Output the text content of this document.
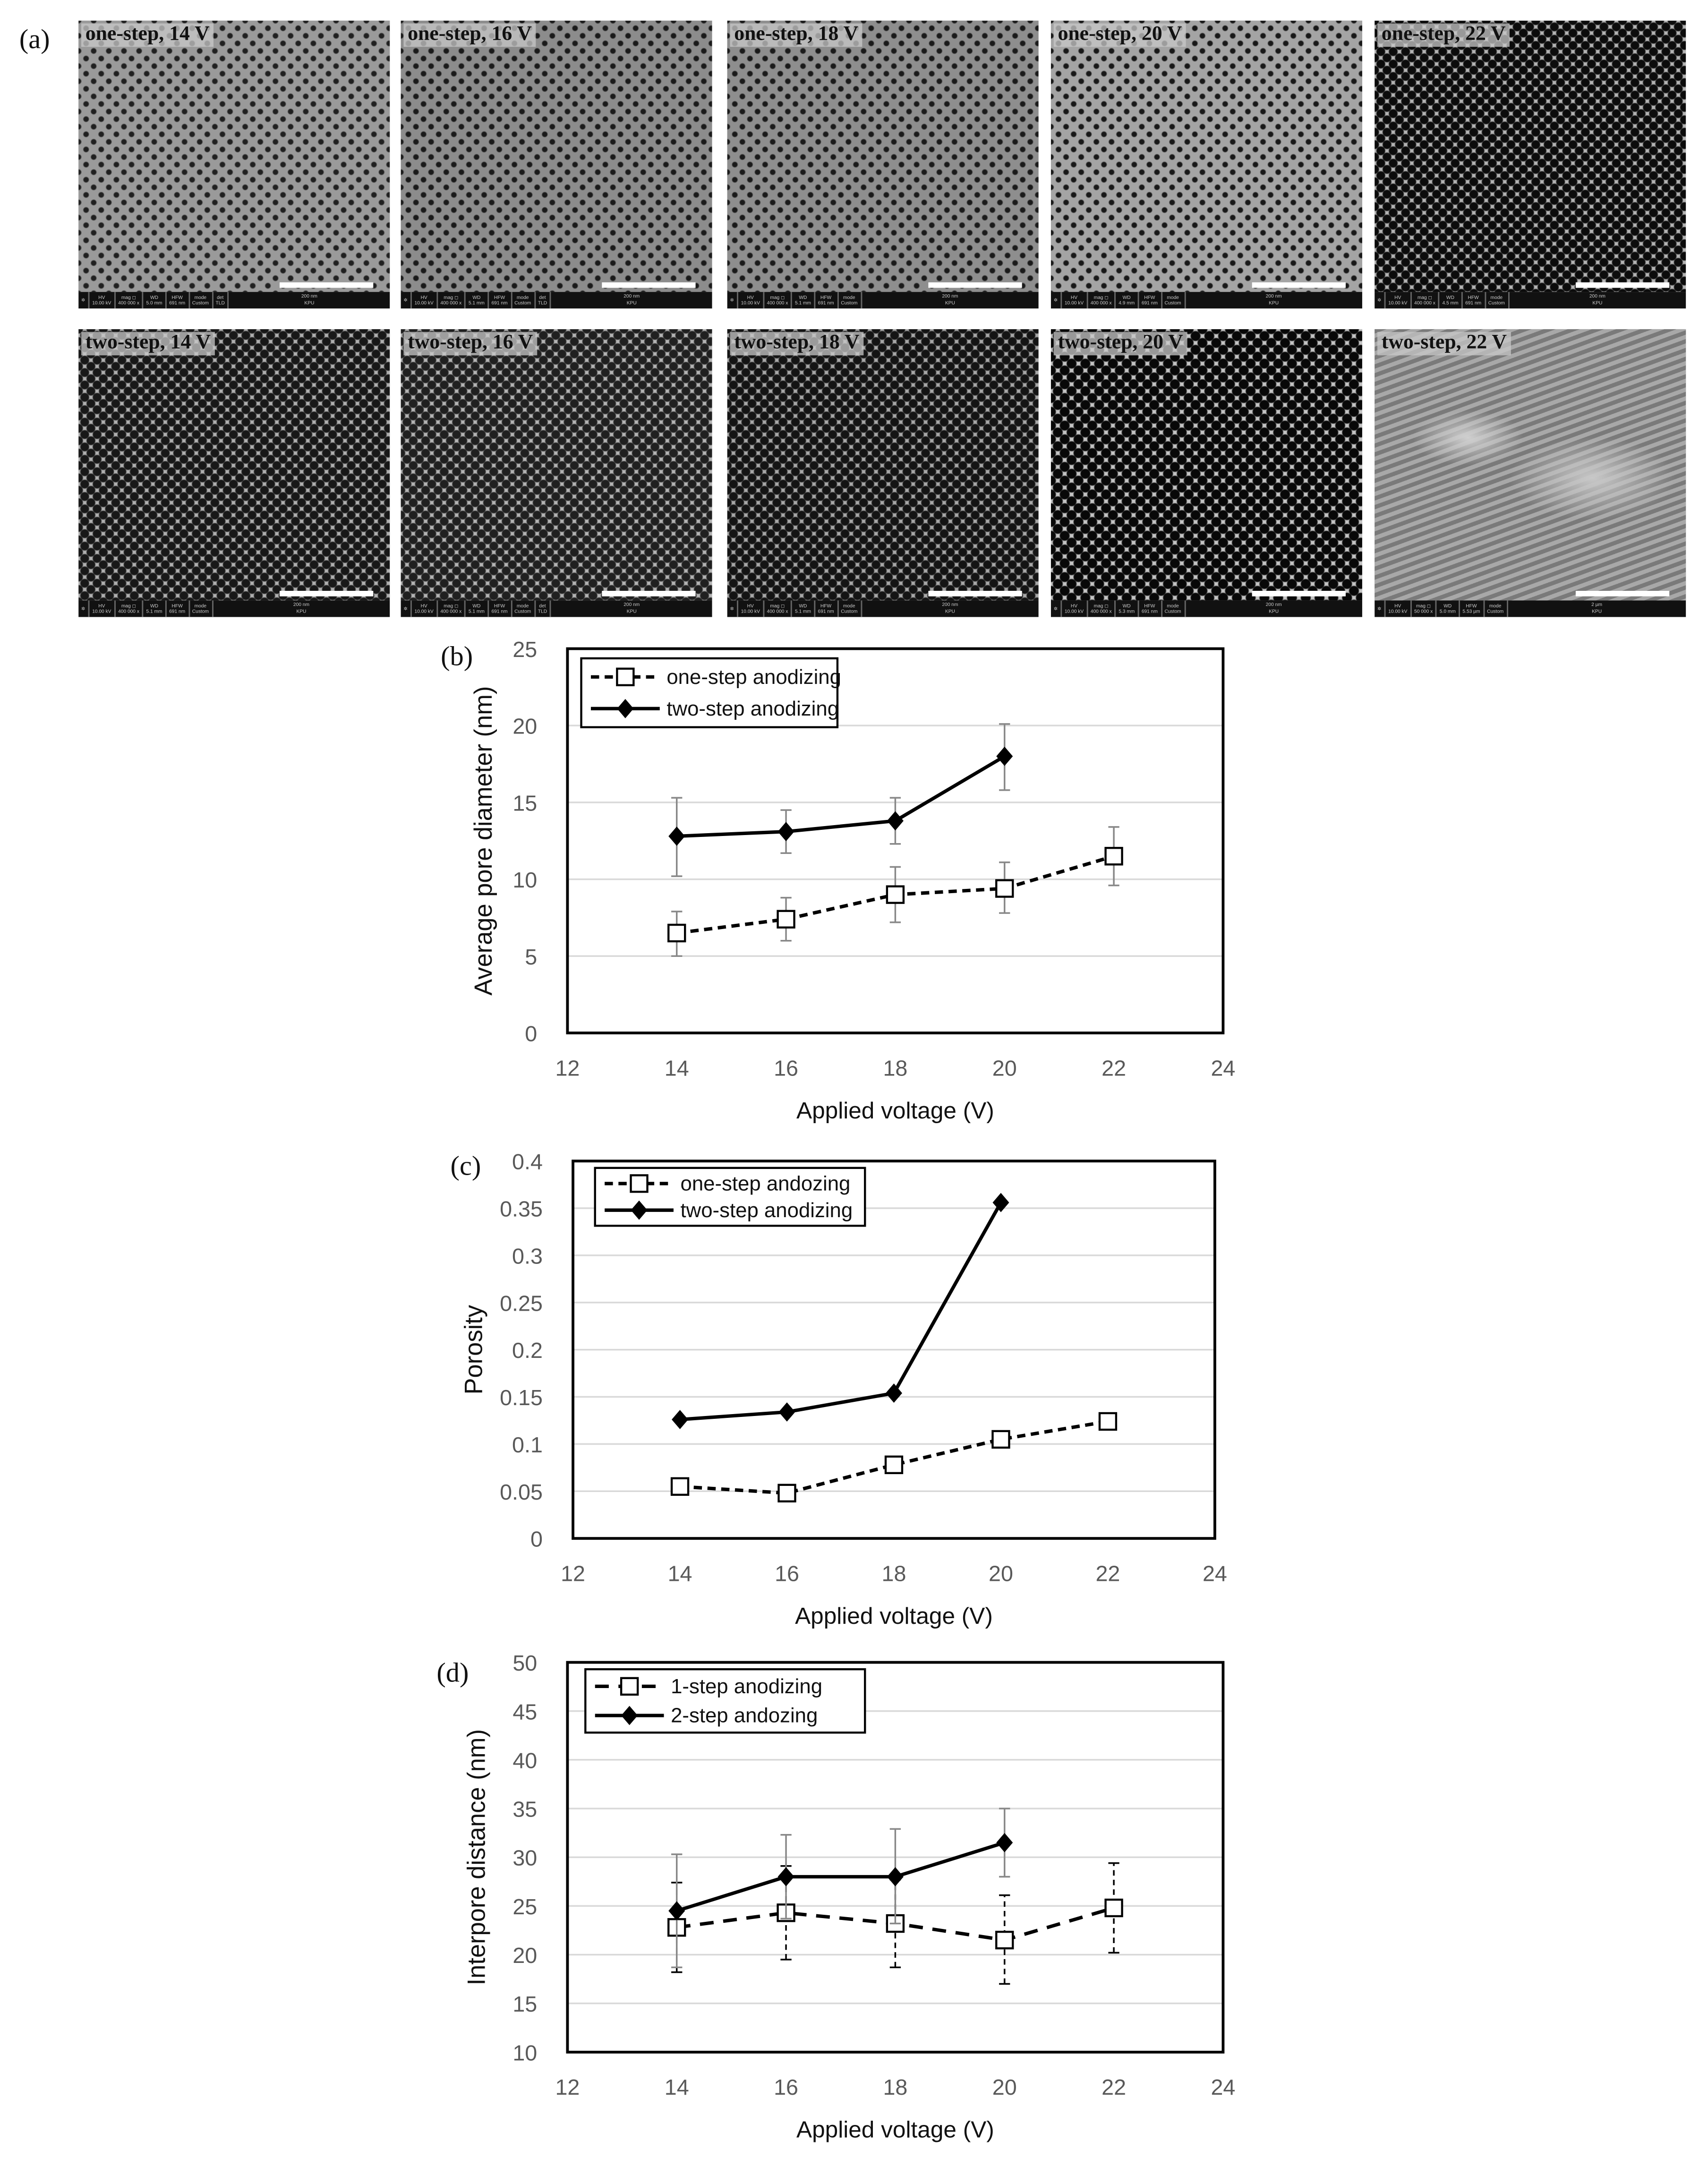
(a)	one-step, 14 V
✲
HV
10.00 kV
mag ◻
400 000 x
WD
5.0 mm
HFW
691 nm
mode
Custom
det
TLD
200 nm
KPU
one-step, 16 V
✲
HV
10.00 kV
mag ◻
400 000 x
WD
5.1 mm
HFW
691 nm
mode
Custom
det
TLD
200 nm
KPU
one-step, 18 V
✲
HV
10.00 kV
mag ◻
400 000 x
WD
5.1 mm
HFW
691 nm
mode
Custom
200 nm
KPU
one-step, 20 V
✲
HV
10.00 kV
mag ◻
400 000 x
WD
4.9 mm
HFW
691 nm
mode
Custom
200 nm
KPU
one-step, 22 V
✲
HV
10.00 kV
mag ◻
400 000 x
WD
4.5 mm
HFW
691 nm
mode
Custom
200 nm
KPU
two-step, 14 V
✲
HV
10.00 kV
mag ◻
400 000 x
WD
5.1 mm
HFW
691 nm
mode
Custom
200 nm
KPU
two-step, 16 V
✲
HV
10.00 kV
mag ◻
400 000 x
WD
5.1 mm
HFW
691 nm
mode
Custom
det
TLD
200 nm
KPU
two-step, 18 V
✲
HV
10.00 kV
mag ◻
400 000 x
WD
5.1 mm
HFW
691 nm
mode
Custom
200 nm
KPU
two-step, 20 V
✲
HV
10.00 kV
mag ◻
400 000 x
WD
5.3 mm
HFW
691 nm
mode
Custom
200 nm
KPU
two-step, 22 V
✲
HV
10.00 kV
mag ◻
50 000 x
WD
5.0 mm
HFW
5.53 µm
mode
Custom
2 µm
KPU
(b)
(c)
(d)
0
5
10
15
20
25
12	14	16	18	20	22	24
Applied voltage (V)
Average pore diameter (nm)
one-step anodizing
two-step anodizing
0
0.05
0.1
0.15
0.2
0.25
0.3
0.35
0.4
12	14	16	18	20	22	24
Applied voltage (V)
Porosity
one-step andozing
two-step anodizing
10
15
20
25
30
35
40
45
50
12	14	16	18	20	22	24
Applied voltage (V)
Interpore distance (nm)
1-step anodizing
2-step andozing
